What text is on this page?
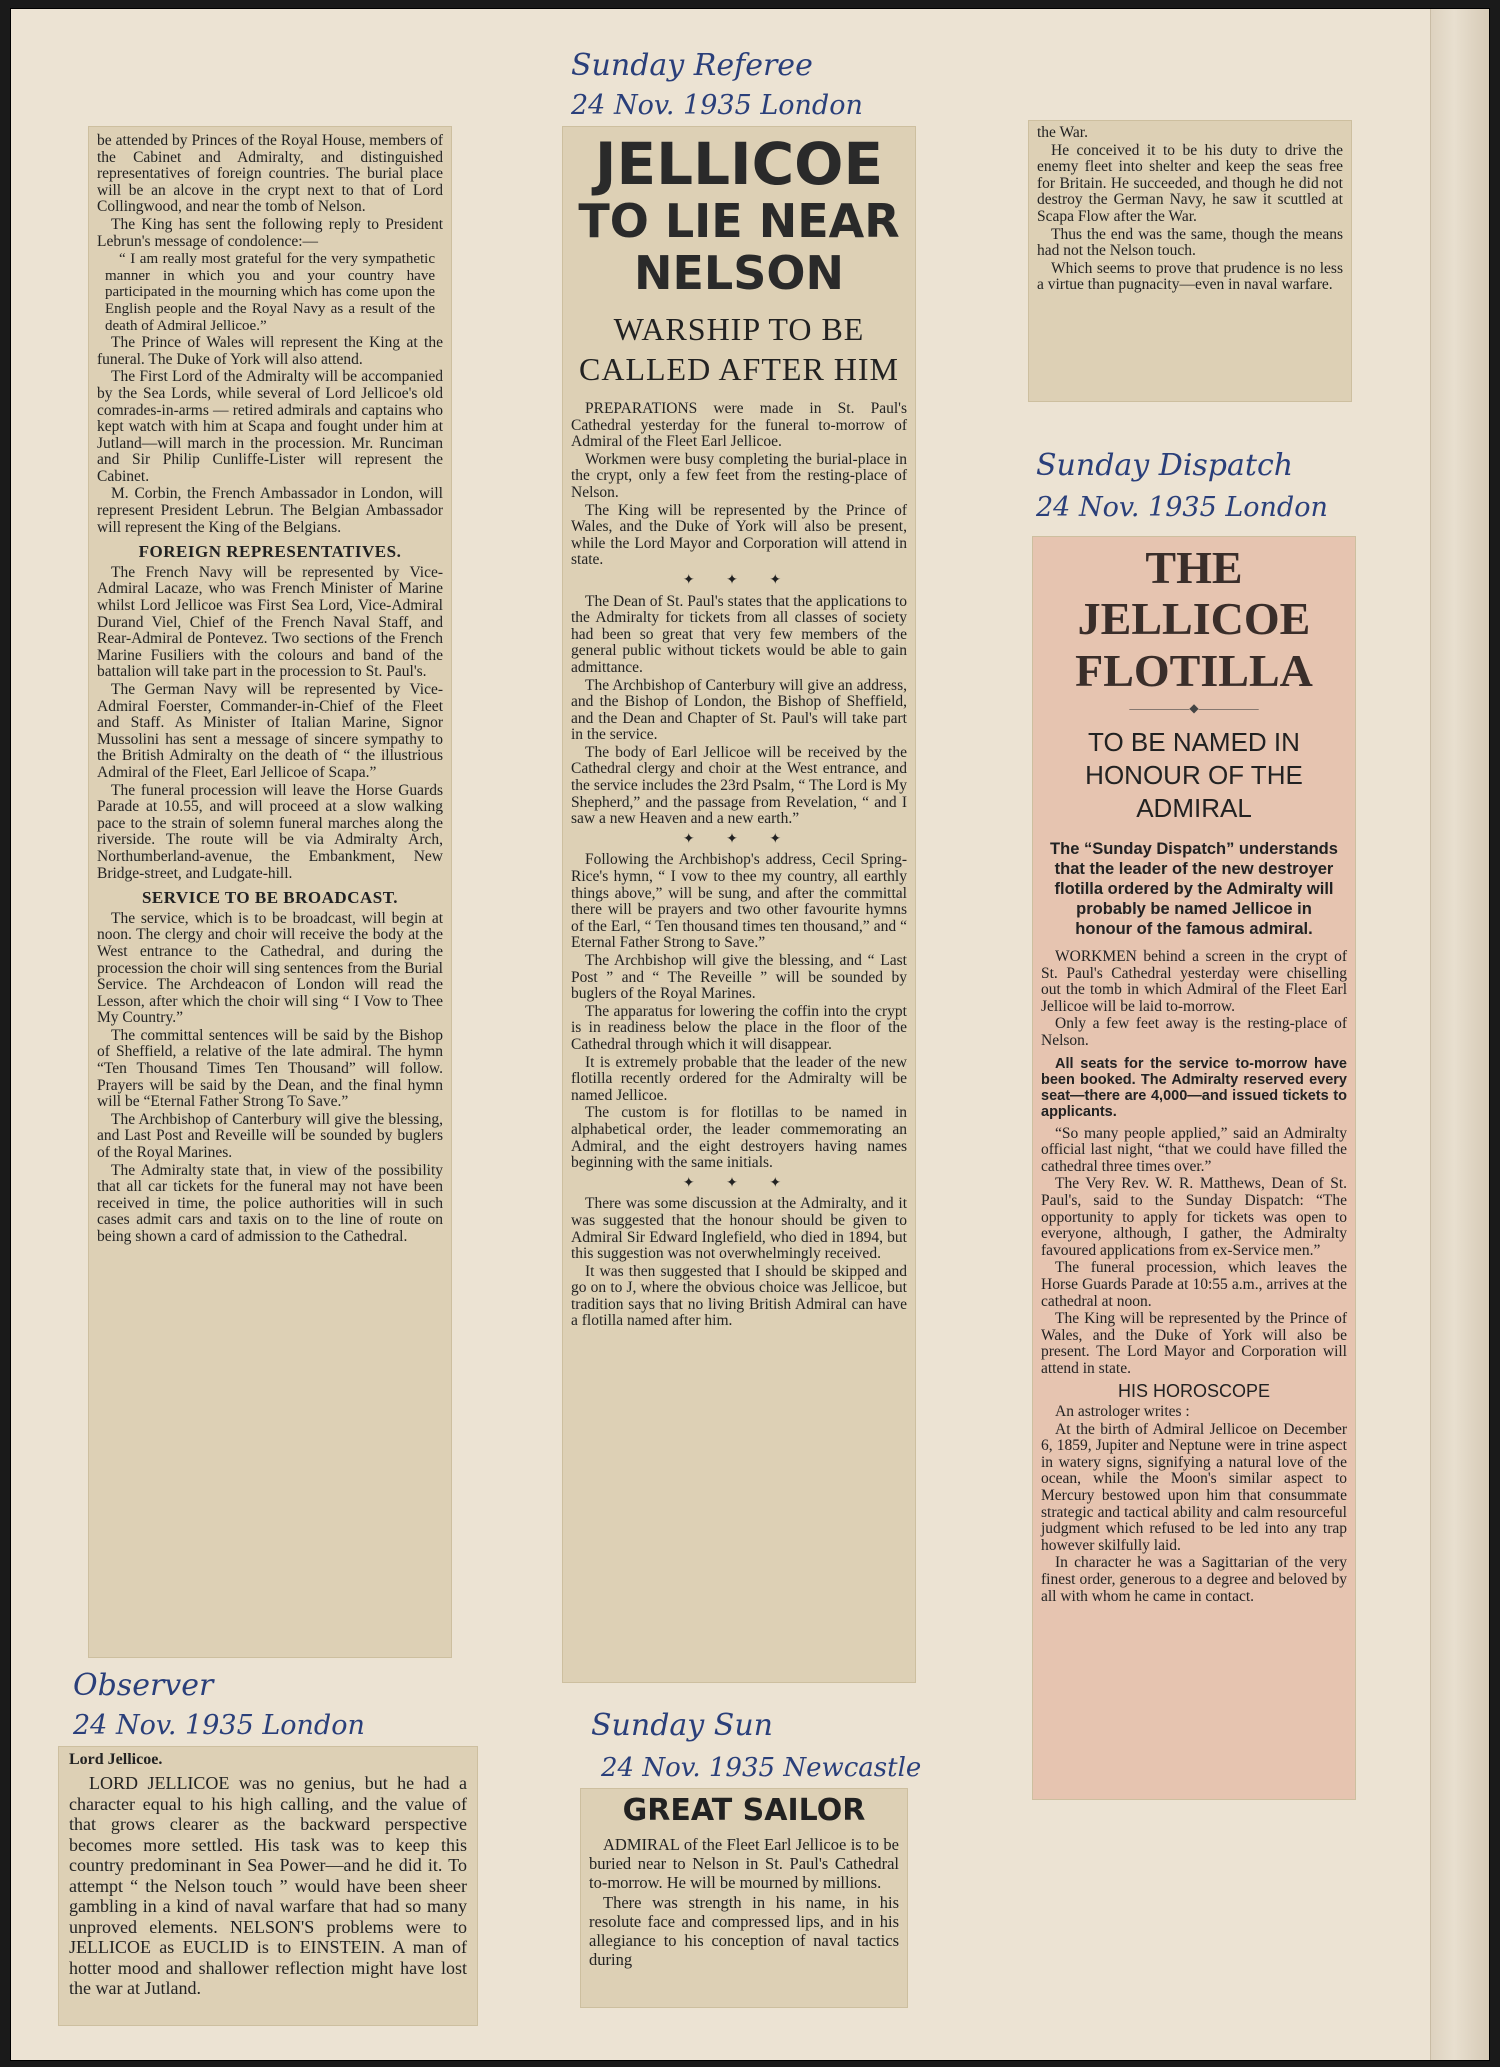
be attended by Princes of the Royal House, members of the Cabinet and Admiralty, and distinguished representatives of foreign countries. The burial place will be an alcove in the crypt next to that of Lord Collingwood, and near the tomb of Nelson.

The King has sent the following reply to President Lebrun's message of condolence:—

“ I am really most grateful for the very sympathetic manner in which you and your country have participated in the mourning which has come upon the English people and the Royal Navy as a result of the death of Admiral Jellicoe.”

The Prince of Wales will represent the King at the funeral. The Duke of York will also attend.

The First Lord of the Admiralty will be accompanied by the Sea Lords, while several of Lord Jellicoe's old comrades-in-arms — retired admirals and captains who kept watch with him at Scapa and fought under him at Jutland—will march in the procession. Mr. Runciman and Sir Philip Cunliffe-Lister will represent the Cabinet.

M. Corbin, the French Ambassador in London, will represent President Lebrun. The Belgian Ambassador will represent the King of the Belgians.

FOREIGN REPRESENTATIVES.

The French Navy will be represented by Vice-Admiral Lacaze, who was French Minister of Marine whilst Lord Jellicoe was First Sea Lord, Vice-Admiral Durand Viel, Chief of the French Naval Staff, and Rear-Admiral de Pontevez. Two sections of the French Marine Fusiliers with the colours and band of the battalion will take part in the procession to St. Paul's.

The German Navy will be represented by Vice-Admiral Foerster, Commander-in-Chief of the Fleet and Staff. As Minister of Italian Marine, Signor Mussolini has sent a message of sincere sympathy to the British Admiralty on the death of “ the illustrious Admiral of the Fleet, Earl Jellicoe of Scapa.”

The funeral procession will leave the Horse Guards Parade at 10.55, and will proceed at a slow walking pace to the strain of solemn funeral marches along the riverside. The route will be via Admiralty Arch, Northumberland-avenue, the Embankment, New Bridge-street, and Ludgate-hill.

SERVICE TO BE BROADCAST.

The service, which is to be broadcast, will begin at noon. The clergy and choir will receive the body at the West entrance to the Cathedral, and during the procession the choir will sing sentences from the Burial Service. The Archdeacon of London will read the Lesson, after which the choir will sing “ I Vow to Thee My Country.”

The committal sentences will be said by the Bishop of Sheffield, a relative of the late admiral. The hymn “Ten Thousand Times Ten Thousand” will follow. Prayers will be said by the Dean, and the final hymn will be “Eternal Father Strong To Save.”

The Archbishop of Canterbury will give the blessing, and Last Post and Reveille will be sounded by buglers of the Royal Marines.

The Admiralty state that, in view of the possibility that all car tickets for the funeral may not have been received in time, the police authorities will in such cases admit cars and taxis on to the line of route on being shown a card of admission to the Cathedral.

Sunday Referee
24 Nov. 1935 London
JELLICOE
TO LIE NEAR
NELSON
WARSHIP TO BE CALLED AFTER HIM

PREPARATIONS were made in St. Paul's Cathedral yesterday for the funeral to-morrow of Admiral of the Fleet Earl Jellicoe.

Workmen were busy completing the burial-place in the crypt, only a few feet from the resting-place of Nelson.

The King will be represented by the Prince of Wales, and the Duke of York will also be present, while the Lord Mayor and Corporation will attend in state.

✦ ✦ ✦

The Dean of St. Paul's states that the applications to the Admiralty for tickets from all classes of society had been so great that very few members of the general public without tickets would be able to gain admittance.

The Archbishop of Canterbury will give an address, and the Bishop of London, the Bishop of Sheffield, and the Dean and Chapter of St. Paul's will take part in the service.

The body of Earl Jellicoe will be received by the Cathedral clergy and choir at the West entrance, and the service includes the 23rd Psalm, “ The Lord is My Shepherd,” and the passage from Revelation, “ and I saw a new Heaven and a new earth.”

✦ ✦ ✦

Following the Archbishop's address, Cecil Spring-Rice's hymn, “ I vow to thee my country, all earthly things above,” will be sung, and after the committal there will be prayers and two other favourite hymns of the Earl, “ Ten thousand times ten thousand,” and “ Eternal Father Strong to Save.”

The Archbishop will give the blessing, and “ Last Post ” and “ The Reveille ” will be sounded by buglers of the Royal Marines.

The apparatus for lowering the coffin into the crypt is in readiness below the place in the floor of the Cathedral through which it will disappear.

It is extremely probable that the leader of the new flotilla recently ordered for the Admiralty will be named Jellicoe.

The custom is for flotillas to be named in alphabetical order, the leader commemorating an Admiral, and the eight destroyers having names beginning with the same initials.

✦ ✦ ✦

There was some discussion at the Admiralty, and it was suggested that the honour should be given to Admiral Sir Edward Inglefield, who died in 1894, but this suggestion was not overwhelmingly received.

It was then suggested that I should be skipped and go on to J, where the obvious choice was Jellicoe, but tradition says that no living British Admiral can have a flotilla named after him.

the War.

He conceived it to be his duty to drive the enemy fleet into shelter and keep the seas free for Britain. He succeeded, and though he did not destroy the German Navy, he saw it scuttled at Scapa Flow after the War.

Thus the end was the same, though the means had not the Nelson touch.

Which seems to prove that prudence is no less a virtue than pugnacity—even in naval warfare.

Sunday Dispatch
24 Nov. 1935 London
THE
JELLICOE
FLOTILLA
—————◆—————
TO BE NAMED IN HONOUR OF THE ADMIRAL
The “Sunday Dispatch” understands that the leader of the new destroyer flotilla ordered by the Admiralty will probably be named Jellicoe in honour of the famous admiral.

WORKMEN behind a screen in the crypt of St. Paul's Cathedral yesterday were chiselling out the tomb in which Admiral of the Fleet Earl Jellicoe will be laid to-morrow.

Only a few feet away is the resting-place of Nelson.

All seats for the service to-morrow have been booked. The Admiralty reserved every seat—there are 4,000—and issued tickets to applicants.

“So many people applied,” said an Admiralty official last night, “that we could have filled the cathedral three times over.”

The Very Rev. W. R. Matthews, Dean of St. Paul's, said to the Sunday Dispatch: “The opportunity to apply for tickets was open to everyone, although, I gather, the Admiralty favoured applications from ex-Service men.”

The funeral procession, which leaves the Horse Guards Parade at 10:55 a.m., arrives at the cathedral at noon.

The King will be represented by the Prince of Wales, and the Duke of York will also be present. The Lord Mayor and Corporation will attend in state.

HIS HOROSCOPE

An astrologer writes :

At the birth of Admiral Jellicoe on December 6, 1859, Jupiter and Neptune were in trine aspect in watery signs, signifying a natural love of the ocean, while the Moon's similar aspect to Mercury bestowed upon him that consummate strategic and tactical ability and calm resourceful judgment which refused to be led into any trap however skilfully laid.

In character he was a Sagittarian of the very finest order, generous to a degree and beloved by all with whom he came in contact.

Observer
24 Nov. 1935 London
Lord Jellicoe.
LORD JELLICOE was no genius, but he had a character equal to his high calling, and the value of that grows clearer as the backward perspective becomes more settled. His task was to keep this country predominant in Sea Power—and he did it. To attempt “ the Nelson touch ” would have been sheer gambling in a kind of naval warfare that had so many unproved elements. NELSON'S problems were to JELLICOE as EUCLID is to EINSTEIN. A man of hotter mood and shallower reflection might have lost the war at Jutland.
Sunday Sun
24 Nov. 1935 Newcastle
GREAT SAILOR

ADMIRAL of the Fleet Earl Jellicoe is to be buried near to Nelson in St. Paul's Cathedral to-morrow. He will be mourned by millions.

There was strength in his name, in his resolute face and compressed lips, and in his allegiance to his conception of naval tactics during
